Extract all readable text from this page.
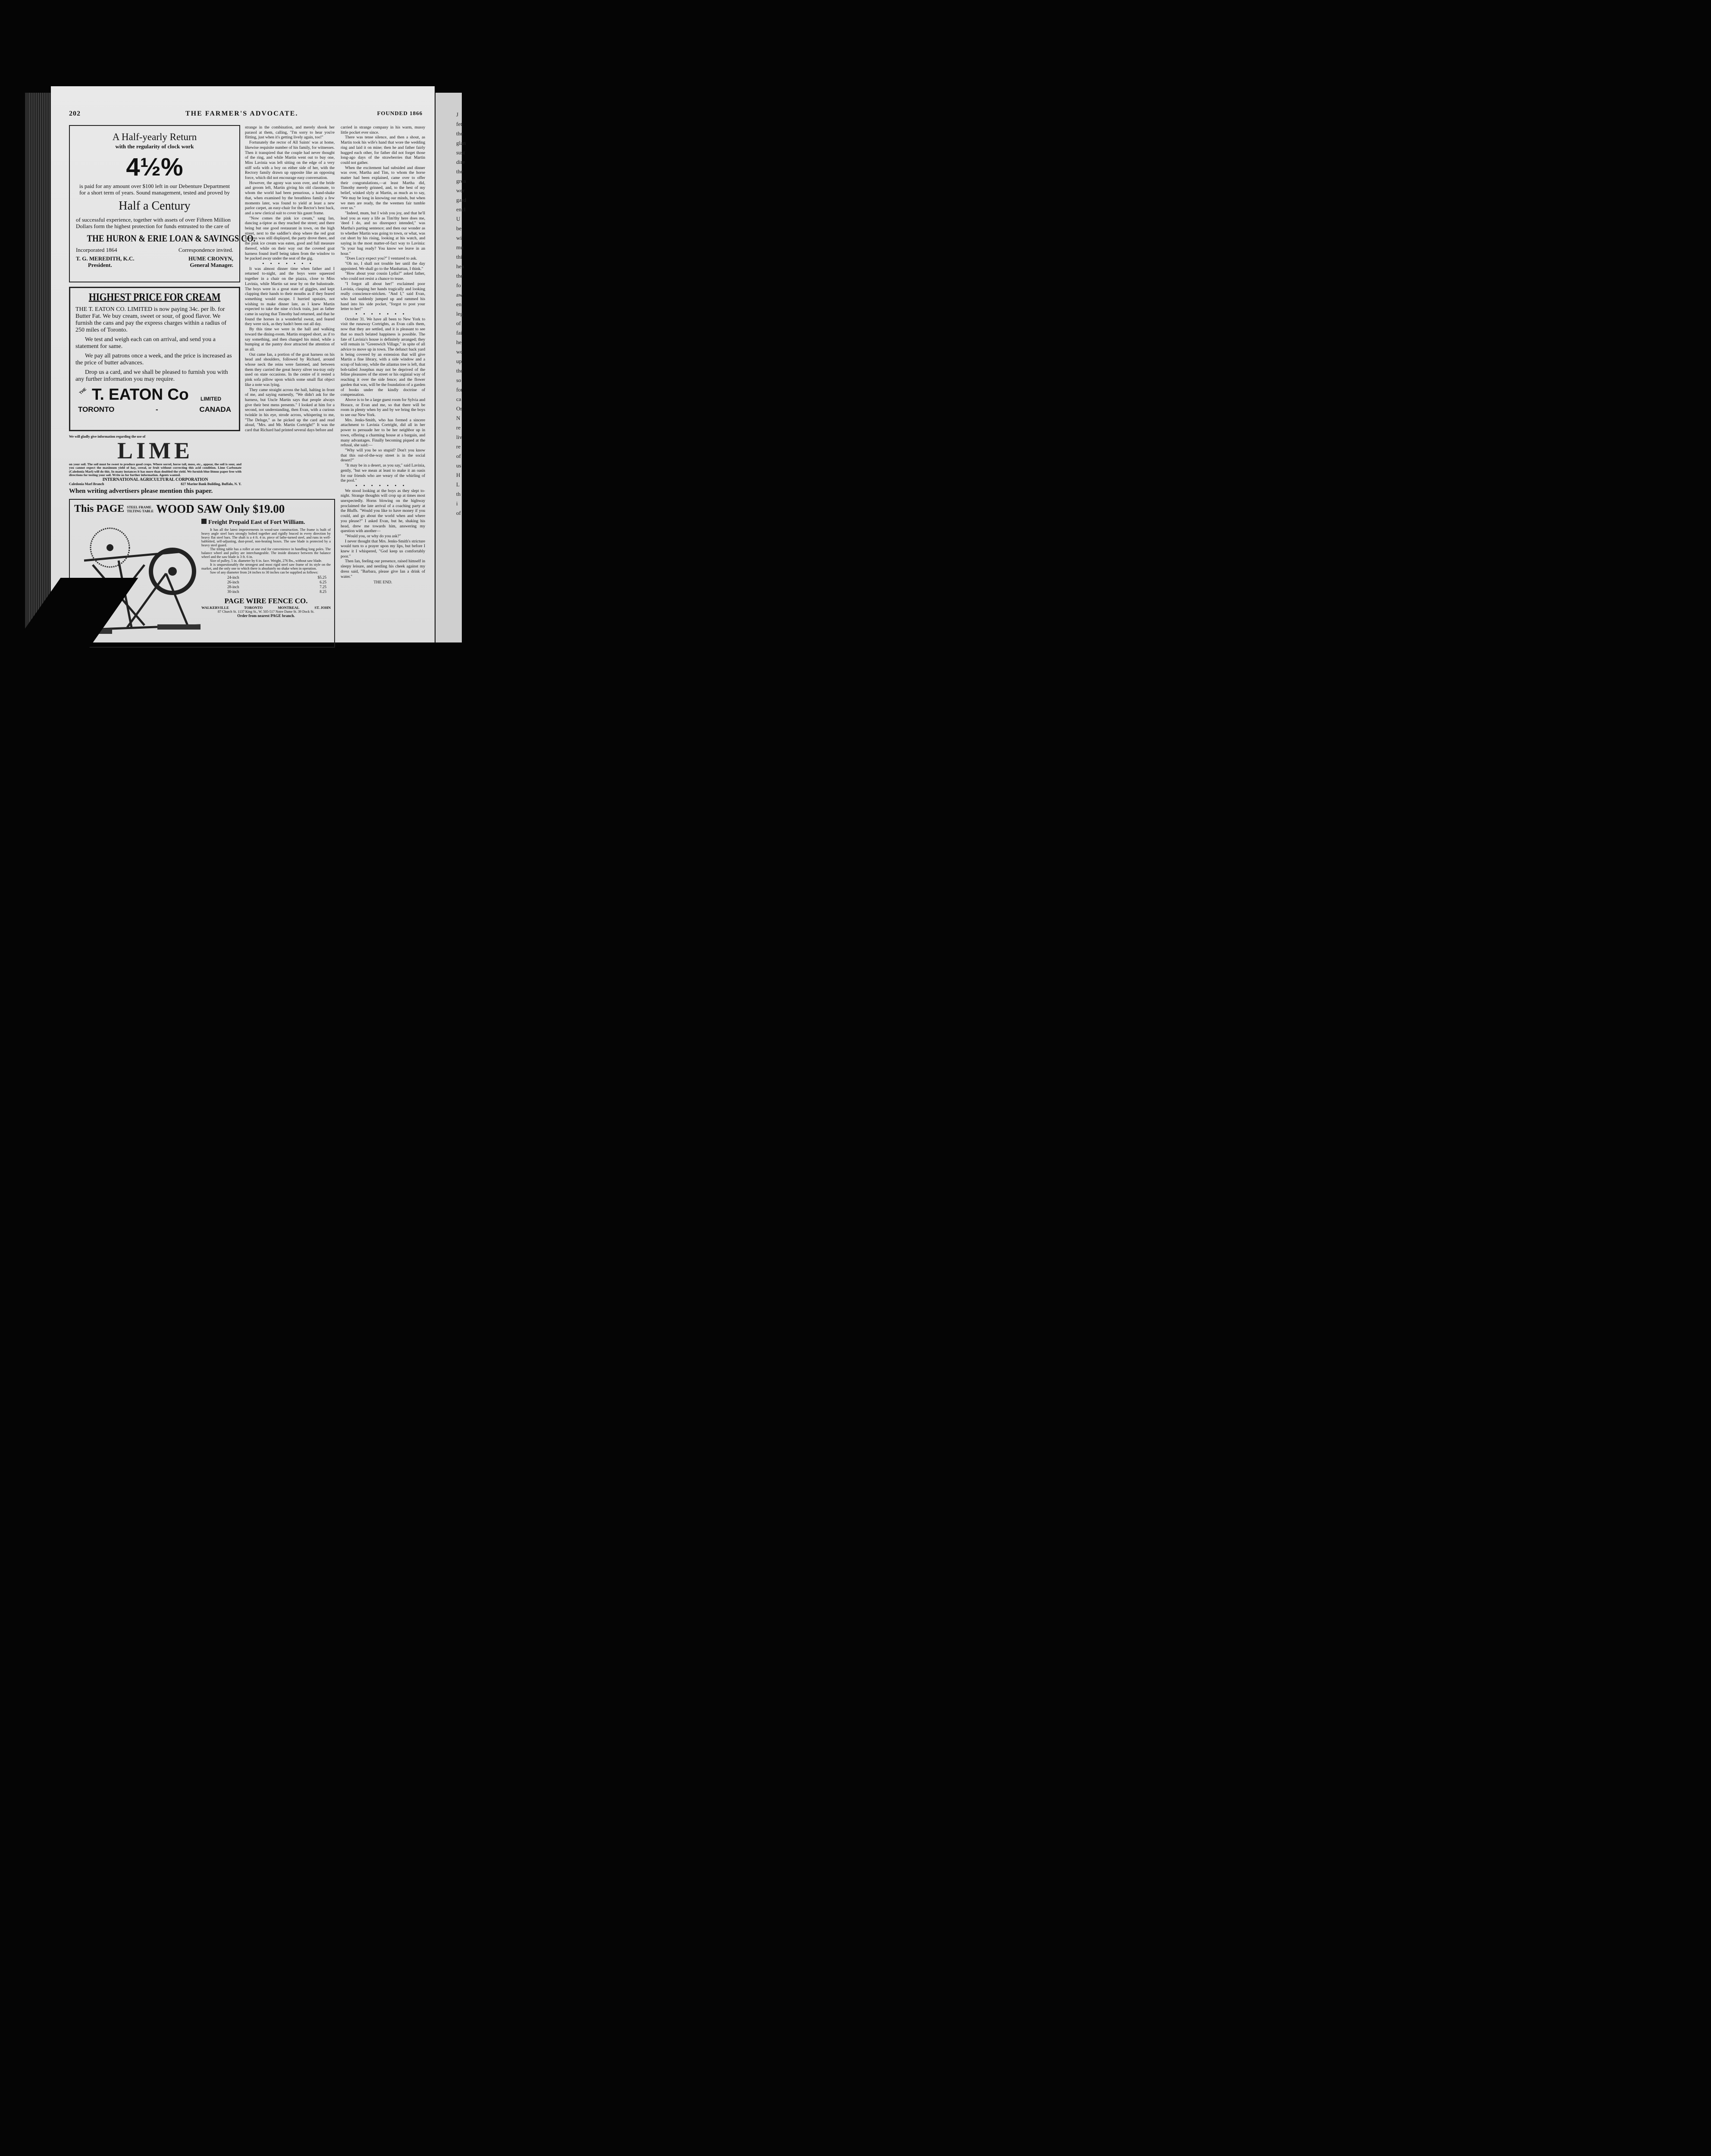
202	THE FARMER'S ADVOCATE.	FOUNDED 1866
A Half-yearly Return
with the regularity of clock work
4½%
is paid for any amount over $100 left in our Debenture Department for a short term of years. Sound management, tested and proved by
Half a Century
of successful experience, together with assets of over Fifteen Million Dollars form the highest protection for funds entrusted to the care of
THE HURON & ERIE LOAN & SAVINGS CO.
Incorporated 1864	Correspondence invited.
T. G. MEREDITH, K.C.
President.
HUME CRONYN,
General Manager.
HIGHEST PRICE FOR CREAM
THE T. EATON CO. LIMITED is now paying 34c. per lb. for Butter Fat. We buy cream, sweet or sour, of good flavor. We furnish the cans and pay the express charges within a radius of 250 miles of Toronto.
We test and weigh each can on arrival, and send you a statement for same.
We pay all patrons once a week, and the price is increased as the price of butter advances.
Drop us a card, and we shall be pleased to furnish you with any further information you may require.
THE T. EATON Co LIMITED
TORONTO	-	CANADA
We will gladly give information regarding the use of
LIME
on your soil. The soil must be sweet to produce good crops. Where sorrel, horse tail, moss, etc., appear, the soil is sour, and you cannot expect the maximum yield of hay, cereal, or fruit without correcting this acid condition. Lime Carbonate (Caledonia Marl) will do this. In many instances it has more than doubled the yield. We furnish blue litmus paper free with directions for testing your soil. Write us for further information. Agents wanted.
INTERNATIONAL AGRICULTURAL CORPORATION
Caledonia Marl Branch	827 Marine Bank Building, Buffalo, N. Y.
When writing advertisers please mention this paper.
This PAGE STEEL FRAME
TILTING TABLE WOOD SAW Only $19.00
Freight Prepaid East of Fort William.
It has all the latest improvements in wood-saw construction. The frame is built of heavy angle steel bars strongly bolted together and rigidly braced in every direction by heavy flat steel bars. The shaft is a 4 ft. 4 in. piece of lathe-turned steel, and runs in well-babbitted, self-adjusting, dust-proof, non-heating boxes. The saw blade is protected by a heavy steel guard.
The tilting table has a roller at one end for convenience in handling long poles. The balance wheel and pulley are interchangeable. The inside distance between the balance wheel and the saw blade is 3 ft. 6 in.
Size of pulley, 5 in. diameter by 6 in. face. Weight, 276 lbs., without saw blade.
It is unquestionably the strongest and most rigid steel saw frame of its style on the market, and the only one to which there is absolutely no shake when in operation.
Saw of any diameter from 24 inches to 30 inches can be supplied as follows:
24-inch	$5.25
26-inch	6.25
28-inch	7.25
30-inch	8.25
PAGE WIRE FENCE CO.
WALKERVILLE	TORONTO	MONTREAL	ST. JOHN
87 Church St. 1137 King St., W. 505-517 Notre Dame St. 39 Dock St.
Order from nearest PAGE branch.

strange in the combination, and merely shook her parasol at them, calling, "I'm sorry to hear you're flitting, just when it's getting lively again, too!"

Fortunately the rector of All Saints' was at home, likewise requisite number of his family, for witnesses. Then it transpired that the couple had never thought of the ring, and while Martin went out to buy one, Miss Lavinia was left sitting on the edge of a very stiff sofa with a boy on either side of her, with the Rectory family drawn up opposite like an opposing force, which did not encourage easy conversation.

However, the agony was soon over, and the bride and groom left, Martin giving his old classmate, to whom the world had been penurious, a hand-shake that, when examined by the breathless family a few moments later, was found to yield at least a new parlor carpet, an easy-chair for the Rector's best back, and a new clerical suit to cover his gaunt frame.

"Now comes the pink ice cream," sang Ian, dancing a-tiptoe as they reached the street; and there being but one good restaurant in town, on the high street, next to the saddler's shop where the red goat harness was still displayed, the party drove there, and the pink ice cream was eaten, good and full measure thereof, while on their way out the coveted goat harness found itself being taken from the window to be packed away under the seat of the gig.

•••••••

It was almost dinner time when father and I returned to-night, and the boys were squeezed together in a chair on the piazza, close to Miss Lavinia, while Martin sat near by on the balustrade. The boys were in a great state of giggles, and kept clapping their hands to their mouths as if they feared something would escape. I hurried upstairs, not wishing to make dinner late, as I knew Martin expected to take the nine o'clock train, just as father came in saying that Timothy had returned, and that he found the horses in a wonderful sweat, and feared they were sick, as they hadn't been out all day.

By this time we were in the hall and walking toward the dining-room. Martin stopped short, as if to say something, and then changed his mind, while a bumping at the pantry door attracted the attention of us all.

Out came Ian, a portion of the goat harness on his head and shoulders, followed by Richard, around whose neck the reins were fastened, and between them they carried the great heavy silver tea-tray only used on state occasions. In the centre of it rested a pink sofa pillow upon which some small flat object like a note was lying.

They came straight across the hall, halting in front of me, and saying earnestly, "We didn't ask for the harness, but Uncle Martin says that people always give their best mens presents." I looked at him for a second, not understanding, then Evan, with a curious twinkle in his eye, strode across, whispering to me, "The Deluge," as he picked up the card and read aloud, "Mrs. and Mr. Martin Cortright!" It was the card that Richard had printed several days before and

carried in strange company in his warm, mussy little pocket ever since.

There was tense silence, and then a shout, as Martin took his wife's hand that wore the wedding ring and laid it on mine; then he and father fairly hugged each other, for father did not forget those long-ago days of the strawberries that Martin could not gather.

When the excitement had subsided and dinner was over, Martha and Tim, to whom the horse matter had been explained, came over to offer their congratulations,—at least Martha did, Timothy merely grinned, and, to the best of my belief, winked slyly at Martin, as much as to say, "We may be long in knowing our minds, but when we men are ready, the the weemen fair tumble over us."

"Indeed, mum, but I wish you joy, and that he'll lead you as easy a life as Tim'thy here does me, 'deed I do, and no disrespect intended," was Martha's parting sentence; and then our wonder as to whether Martin was going to town, or what, was cut short by his rising, looking at his watch, and saying in the most matter-of-fact way to Lavinia: "Is your bag ready? You know we leave in an hour."

"Does Lucy expect you?" I ventured to ask.

"Oh no, I shall not trouble her until the day appointed. We shall go to the Manhattan, I think."

"How about your cousin Lydia?" asked father, who could not resist a chance to tease.

"I forgot all about her!" exclaimed poor Lavinia, clasping her hands tragically and looking really conscience-stricken. "And I," said Evan, who had suddenly jumped up and rammed his hand into his side pocket, "forgot to post your letter to her!"

•••••••

October 31. We have all been to New York to visit the runaway Cortrights, as Evan calls them, now that they are settled, and it is pleasant to see that so much belated happiness is possible. The fate of Lavinia's house is definitely arranged; they will remain in "Greenwich Village," in spite of all advice to move up in town. The defunct back yard is being covered by an extension that will give Martin a fine library, with a side window and a scrap of balcony, while the ailantus tree is left, that bob-tailed Josephus may not be deprived of the feline pleasures of the street or his orginial way of reaching it over the side fence; and the flower garden that was, will be the foundation of a garden of books under the kindly doctrine of compensation.

Above is to be a large guest room for Sylvia and Horace, or Evan and me, so that there will be room in plenty when by and by we bring the boys to see our New York.

Mrs. Jenks-Smith, who has formed a sincere attachment to Lavinia Cortright, did all in her power to persuade her to be her neighbor up in town, offering a charming house at a bargain, and many advantages. Finally becoming piqued at the refusal, she said:—

"Why will you be so stupid? Don't you know that this out-of-the-way street is in the social desert?"

"It may be in a desert, as you say," said Lavinia, gently, "but we mean at least to make it an oasis for our friends who are weary of the whirling of the pool."

•••••••

We stood looking at the boys as they slept to-night. Strange thoughts will crop up at times most unexpectedly. Horns blowing on the highway proclaimed the late arrival of a coaching party at the Bluffs. "Would you like to have money if you could, and go about the world when and where you please?" I asked Evan, but he, shaking his head, drew me towards him, answering my question with another—

"Would you, or why do you ask?"

I never thought that Mrs. Jenks-Smith's stricture would turn to a prayer upon my lips, but before I knew it I whispered, "God keep us comfortably poor."

Then Ian, feeling our presence, raised himself in sleepy leisure, and nestling his cheek against my dress said, "Barbara, please give Ian a drink of water."

THE END.
J
fet
the
glan
sust
dire
the
grea
wer
gard
encl
U
be
wi
mu
thi
hea
the
fo
aw
en
leg
of
fai
he
we
up
the
so
for
ca
Or
N
re
liv
re
of
us
H
L
th
i
of
